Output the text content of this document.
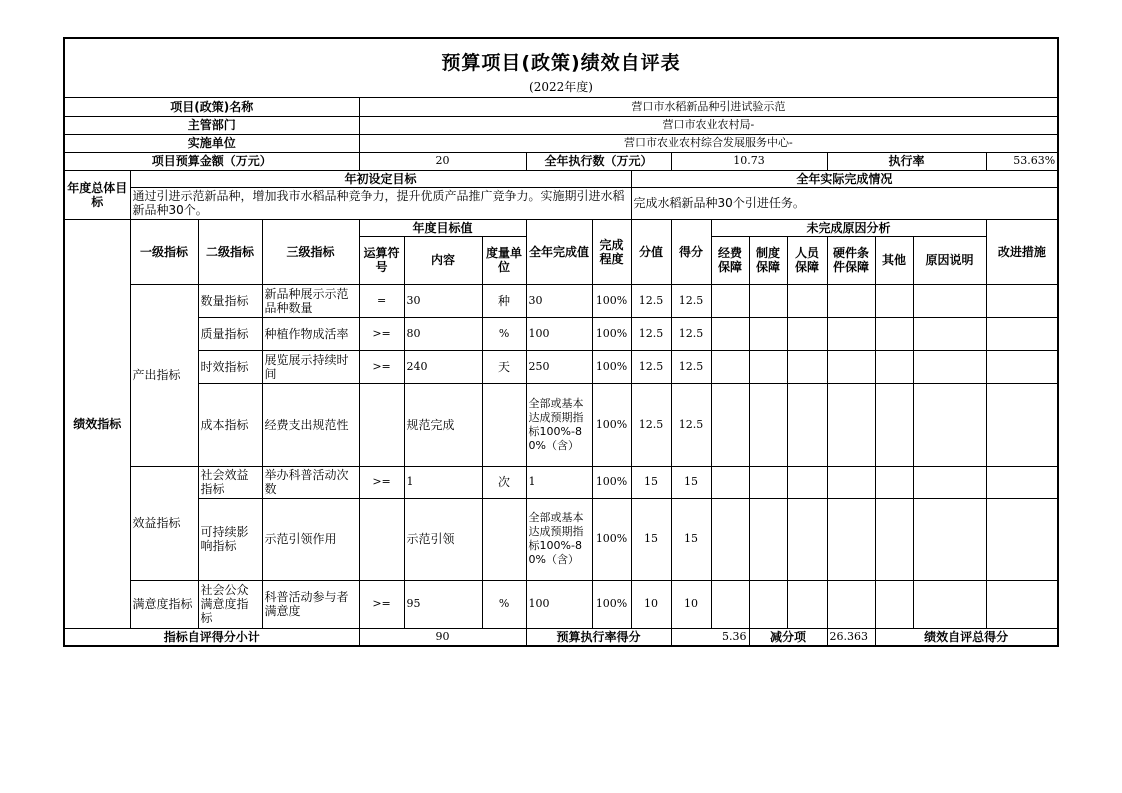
预算项目(政策)绩效自评表
(2022年度)
项目(政策)名称				营口市水稻新品种引进试验示范														
主管部门				营口市农业农村局-														
实施单位				营口市农业农村综合发展服务中心-														
项目预算金额（万元）				20			全年执行数（万元）			10.73				执行率			53.63%	
年度总体目标	年初设定目标								全年实际完成情况									
	通过引进示范新品种，增加我市水稻品种竞争力，提升优质产品推广竞争力。实施期引进水稻新品种30个。								完成水稻新品种30个引进任务。									
绩效指标	一级指标	二级指标	三级指标	年度目标值			全年完成值	完成程度	分值	得分	未完成原因分析						改进措施	
				运算符号	内容	度量单位					经费保障	制度保障	人员保障	硬件条件保障	其他	原因说明		
	产出指标	数量指标	新品种展示示范品种数量	=	30	种	30	100%	12.5	12.5								
		质量指标	种植作物成活率	>=	80	%	100	100%	12.5	12.5								
		时效指标	展览展示持续时间	>=	240	天	250	100%	12.5	12.5								
		成本指标	经费支出规范性		规范完成		全部或基本达成预期指标100%-80%（含）	100%	12.5	12.5								

	效益指标	社会效益指标	举办科普活动次数	>=	1	次	1	100%	15	15								
		可持续影响指标	示范引领作用		示范引领		全部或基本达成预期指标100%-80%（含）	100%	15	15								
	满意度指标	社会公众满意度指标	科普活动参与者满意度	>=	95	%	100	100%	10	10								
指标自评得分小计				90			预算执行率得分			5.36		减分项		26.363	绩效自评总得分	
